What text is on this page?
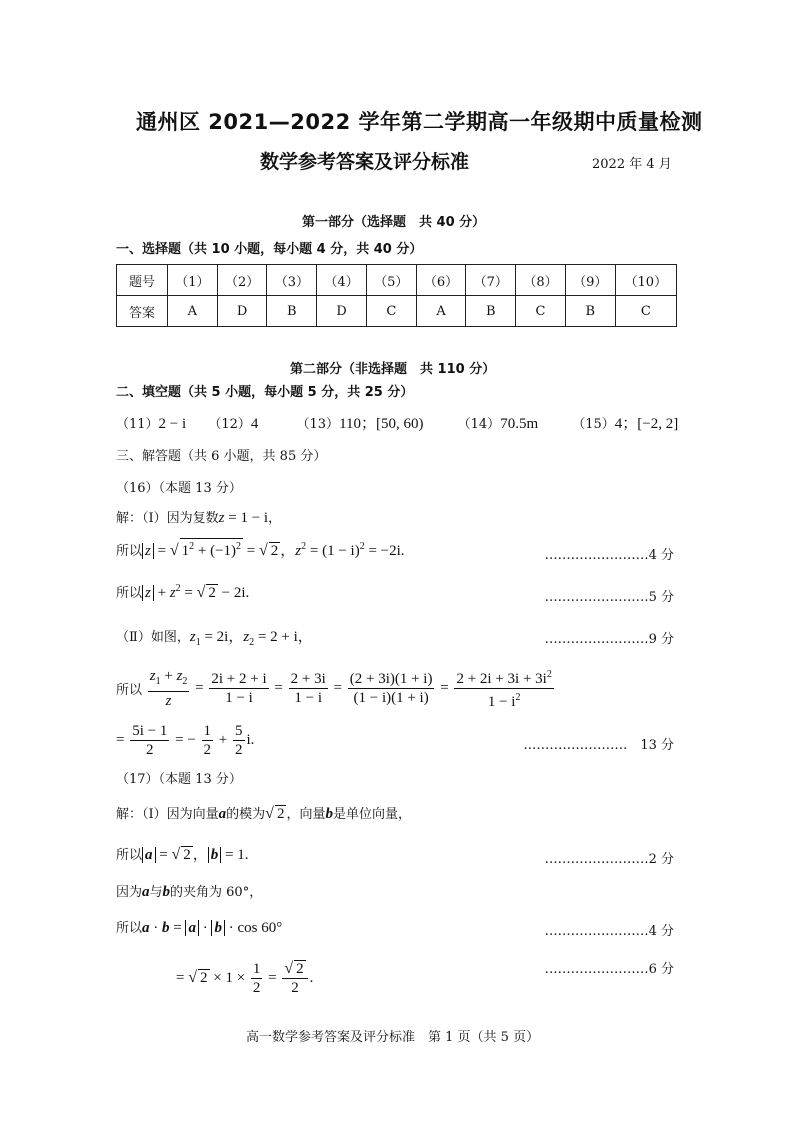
通州区 2021—2022 学年第二学期高一年级期中质量检测
数学参考答案及评分标准	2022 年 4 月
第一部分（选择题　共 40 分）
一、选择题（共 10 小题，每小题 4 分，共 40 分）
题号	（1）	（2）	（3）	（4）	（5）	（6）	（7）	（8）	（9）	（10）
答案	A	D	B	D	C	A	B	C	B	C
第二部分（非选择题　共 110 分）
二、填空题（共 5 小题，每小题 5 分，共 25 分）
（11）2 − i （12）4	（13）110；[50, 60)	（14）70.5m	（15）4；[−2, 2]
三、解答题（共 6 小题，共 85 分）
（16）（本题 13 分）
解：（Ⅰ）因为复数z = 1 − i，
所以 z = √ $1^2 + (-1)^2$ = √ 2 ，$z^2 = (1 - i)^2 = -2i$.	……………………4 分
所以 $z + z^2$ = √ 2 − 2i.	……………………5 分
（Ⅱ）如图，$z_1 = 2i$，$z_2 = 2 + i$，	……………………9 分
所以 $\frac{z_1 + z_2}{z} = \frac{2i + 2 + i}{1 - i} = \frac{2 + 3i}{1 - i} = \frac{(2 + 3i)(1 + i)}{(1 - i)(1 + i)} = \frac{2 + 2i + 3i + 3i^2}{1 - i^2}$
= $\frac{5i - 1}{2}$ = − $\frac{1}{2} + \frac{5}{2} i$.	……………………　13 分
（17）（本题 13 分）
解：（Ⅰ）因为向量a的模为√ 2 ，向量b是单位向量，
所以 a = √ 2 ， b = 1.	……………………2 分
因为a与b的夹角为 60°，
所以a · b = a · b · cos 60°	……………………4 分
= √ $2 \times 1 \times \frac{1}{2} = \frac{√ 2}{2}$ .
……………………6 分
高一数学参考答案及评分标准　第 1 页（共 5 页）
